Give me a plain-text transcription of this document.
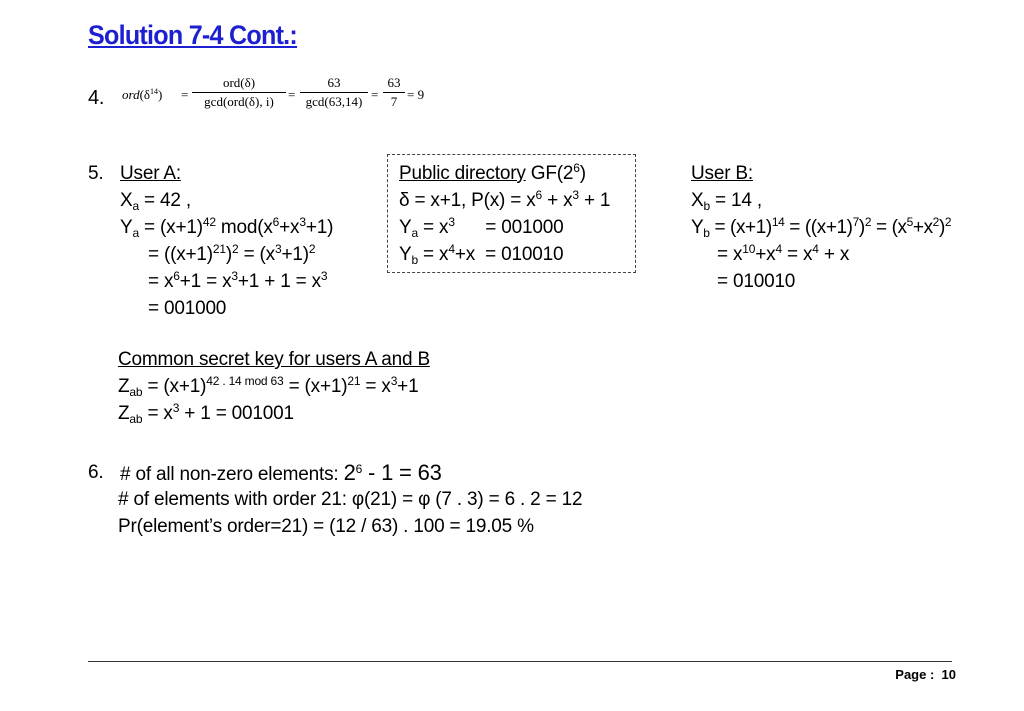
Solution 7-4 Cont.:
4. $ord(\delta^{14})$ =
ord(δ)
gcd(ord(δ), i)	=
63
$\gcd(63,14) = \frac{63}{7} = 9$
5. User A:
$X_a = 42$ ,
$Y_a = (x+1)^{42}$ $mod(x^6+x^3+1)$
= $((x+1)^{21})^2 = (x^3+1)^2$
= $x^6+1 = x^3+1 + 1 = x^3$
= 001000
Public directory $GF(2^6)$
δ = x+1, $P(x) = x^6 + x^3 + 1$
$Y_a = x^3$      = 001000
$Y_b = x^4+x = 010010$
User B:
$X_b = 14$ ,
$Y_b = (x+1)^{14} = ((x+1)^7)^2 = (x^5+x^2)^2$
= $x^{10}+x^4 = x^4 + x$
= 010010
Common secret key for users A and B
$Z_{ab} = (x+1)^{42 . 14 mod 63} = (x+1)^{21} = x^3+1$
$Z_{ab} = x^3 + 1 = 001001$
6. # of all non-zero elements: $2^6 - 1 = 63$
# of elements with order 21: φ(21) = φ (7 . 3) = 6 . 2 = 12
Pr(element’s order=21) = (12 / 63) . 100 = 19.05 %
Page : 10
